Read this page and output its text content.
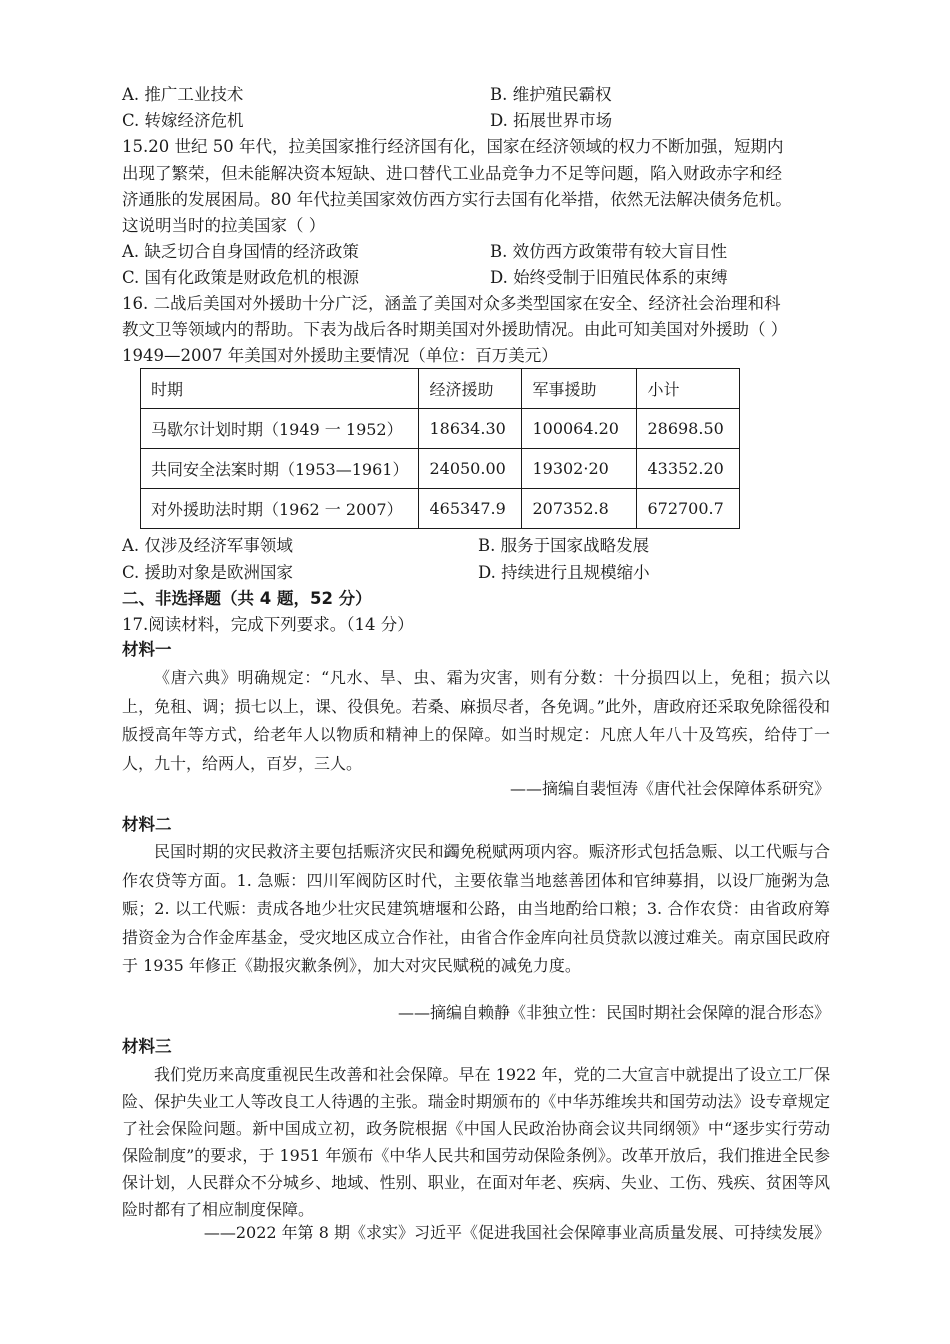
A. 推广工业技术	B. 维护殖民霸权
C. 转嫁经济危机	D. 拓展世界市场
15.20 世纪 50 年代，拉美国家推行经济国有化，国家在经济领域的权力不断加强，短期内
出现了繁荣，但未能解决资本短缺、进口替代工业品竞争力不足等问题，陷入财政赤字和经
济通胀的发展困局。80 年代拉美国家效仿西方实行去国有化举措，依然无法解决债务危机。
这说明当时的拉美国家（ ）
A. 缺乏切合自身国情的经济政策	B. 效仿西方政策带有较大盲目性
C. 国有化政策是财政危机的根源	D. 始终受制于旧殖民体系的束缚
16. 二战后美国对外援助十分广泛，涵盖了美国对众多类型国家在安全、经济社会治理和科
教文卫等领域内的帮助。下表为战后各时期美国对外援助情况。由此可知美国对外援助（ ）
1949—2007 年美国对外援助主要情况（单位：百万美元）
时期	经济援助	军事援助	小计
马歇尔计划时期（1949 一 1952）	18634.30	100064.20	28698.50
共同安全法案时期（1953—1961）	24050.00	19302·20	43352.20
对外援助法时期（1962 一 2007）	465347.9	207352.8	672700.7
A. 仅涉及经济军事领域	B. 服务于国家战略发展
C. 援助对象是欧洲国家	D. 持续进行且规模缩小
二、非选择题（共 4 题，52 分）
17.阅读材料，完成下列要求。（14 分）
材料一
《唐六典》明确规定：“凡水、旱、虫、霜为灾害，则有分数：十分损四以上，免租；损六以上，免租、调；损七以上，课、役俱免。若桑、麻损尽者，各免调。”此外，唐政府还采取免除徭役和版授高年等方式，给老年人以物质和精神上的保障。如当时规定：凡庶人年八十及笃疾，给侍丁一人，九十，给两人，百岁，三人。
——摘编自裴恒涛《唐代社会保障体系研究》
材料二
民国时期的灾民救济主要包括赈济灾民和蠲免税赋两项内容。赈济形式包括急赈、以工代赈与合作农贷等方面。1. 急赈：四川军阀防区时代，主要依靠当地慈善团体和官绅募捐，以设厂施粥为急赈；2. 以工代赈：责成各地少壮灾民建筑塘堰和公路，由当地酌给口粮；3. 合作农贷：由省政府筹措资金为合作金库基金，受灾地区成立合作社，由省合作金库向社员贷款以渡过难关。南京国民政府于 1935 年修正《勘报灾歉条例》，加大对灾民赋税的减免力度。
——摘编自赖静《非独立性：民国时期社会保障的混合形态》
材料三
我们党历来高度重视民生改善和社会保障。早在 1922 年，党的二大宣言中就提出了设立工厂保险、保护失业工人等改良工人待遇的主张。瑞金时期颁布的《中华苏维埃共和国劳动法》设专章规定了社会保险问题。新中国成立初，政务院根据《中国人民政治协商会议共同纲领》中“逐步实行劳动保险制度”的要求，于 1951 年颁布《中华人民共和国劳动保险条例》。改革开放后，我们推进全民参保计划，人民群众不分城乡、地域、性别、职业，在面对年老、疾病、失业、工伤、残疾、贫困等风险时都有了相应制度保障。
——2022 年第 8 期《求实》习近平《促进我国社会保障事业高质量发展、可持续发展》
